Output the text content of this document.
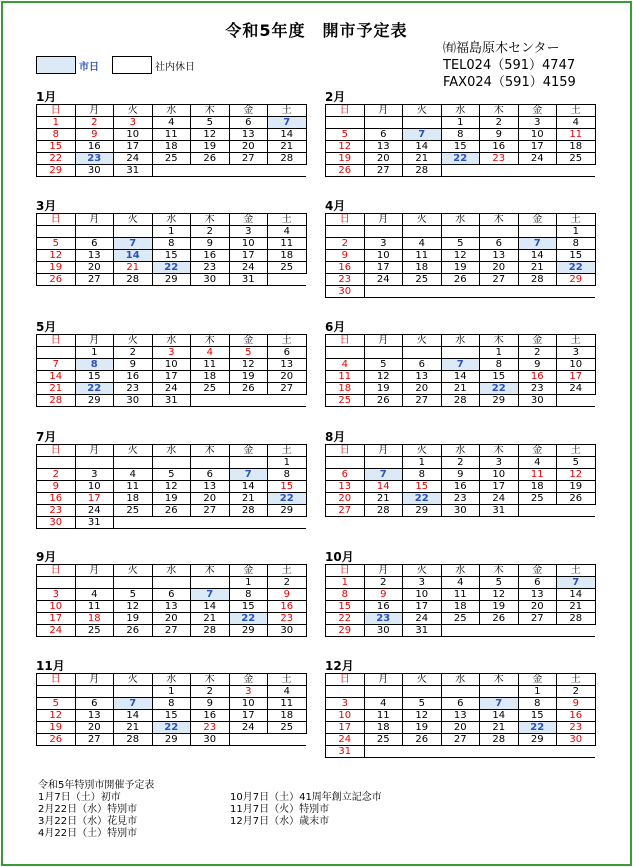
令和5年度　開市予定表
市日	社内休日
㈲福島原木センター
TEL024（591）4747
FAX024（591）4159
1月
日	月	火	水	木	金	土
1	2	3	4	5	6	7
8	9	10	11	12	13	14
15	16	17	18	19	20	21
22	23	24	25	26	27	28
29	30	31				
2月
日	月	火	水	木	金	土
			1	2	3	4
5	6	7	8	9	10	11
12	13	14	15	16	17	18
19	20	21	22	23	24	25
26	27	28				
3月
日	月	火	水	木	金	土
			1	2	3	4
5	6	7	8	9	10	11
12	13	14	15	16	17	18
19	20	21	22	23	24	25
26	27	28	29	30	31	
4月
日	月	火	水	木	金	土
						1
2	3	4	5	6	7	8
9	10	11	12	13	14	15
16	17	18	19	20	21	22
23	24	25	26	27	28	29
30						
5月
日	月	火	水	木	金	土
	1	2	3	4	5	6
7	8	9	10	11	12	13
14	15	16	17	18	19	20
21	22	23	24	25	26	27
28	29	30	31			
6月
日	月	火	水	木	金	土
				1	2	3
4	5	6	7	8	9	10
11	12	13	14	15	16	17
18	19	20	21	22	23	24
25	26	27	28	29	30	
7月
日	月	火	水	木	金	土
						1
2	3	4	5	6	7	8
9	10	11	12	13	14	15
16	17	18	19	20	21	22
23	24	25	26	27	28	29
30	31					
8月
日	月	火	水	木	金	土
		1	2	3	4	5
6	7	8	9	10	11	12
13	14	15	16	17	18	19
20	21	22	23	24	25	26
27	28	29	30	31		
9月
日	月	火	水	木	金	土
					1	2
3	4	5	6	7	8	9
10	11	12	13	14	15	16
17	18	19	20	21	22	23
24	25	26	27	28	29	30
10月
日	月	火	水	木	金	土
1	2	3	4	5	6	7
8	9	10	11	12	13	14
15	16	17	18	19	20	21
22	23	24	25	26	27	28
29	30	31				
11月
日	月	火	水	木	金	土
			1	2	3	4
5	6	7	8	9	10	11
12	13	14	15	16	17	18
19	20	21	22	23	24	25
26	27	28	29	30		
12月
日	月	火	水	木	金	土
					1	2
3	4	5	6	7	8	9
10	11	12	13	14	15	16
17	18	19	20	21	22	23
24	25	26	27	28	29	30
31						
令和5年特別市開催予定表
1月7日（土）初市
2月22日（水）特別市
3月22日（水）花見市
4月22日（土）特別市
10月7日（土）41周年創立記念市
11月7日（火）特別市
12月7日（水）歳末市
